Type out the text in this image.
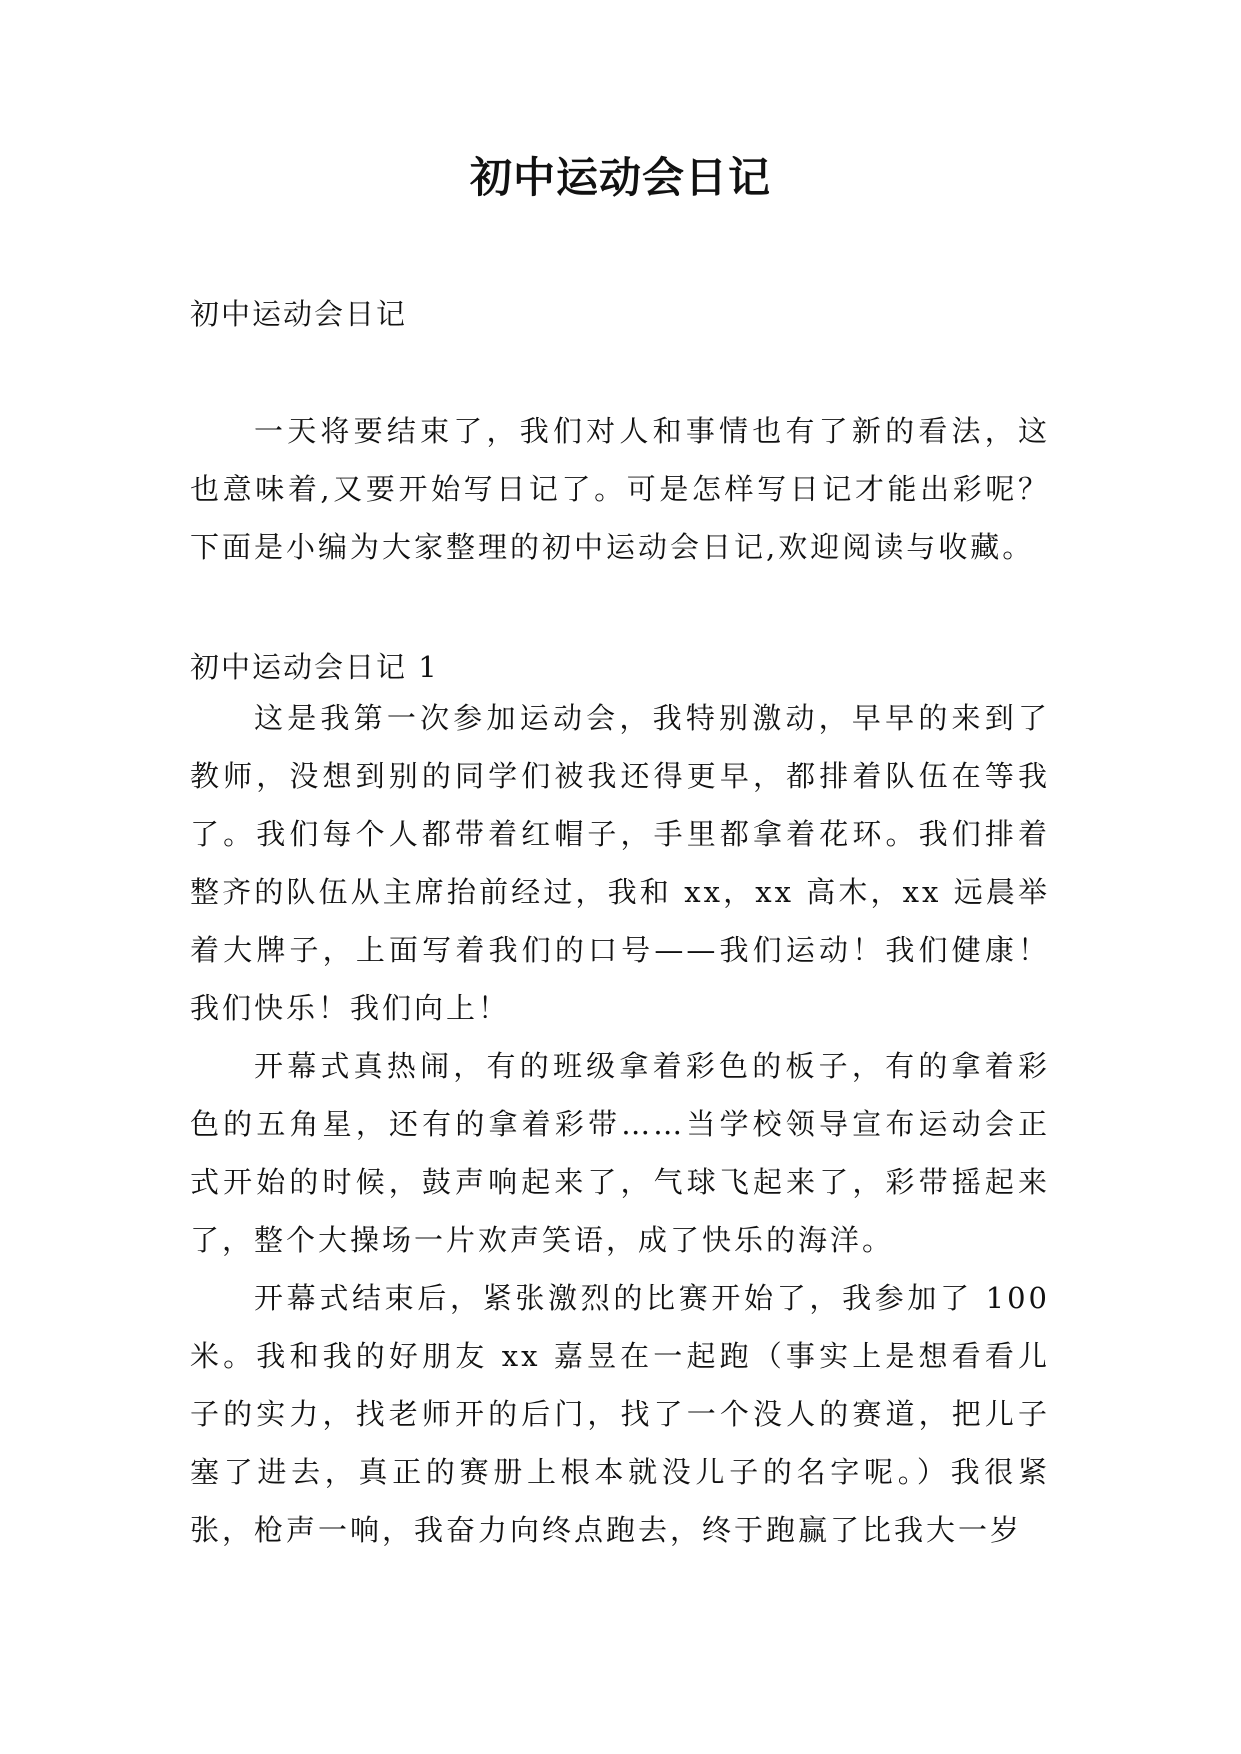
初中运动会日记
初中运动会日记

一天将要结束了，我们对人和事情也有了新的看法，这也意味着,又要开始写日记了。可是怎样写日记才能出彩呢？下面是小编为大家整理的初中运动会日记,欢迎阅读与收藏。

初中运动会日记 1

这是我第一次参加运动会，我特别激动，早早的来到了教师，没想到别的同学们被我还得更早，都排着队伍在等我了。我们每个人都带着红帽子，手里都拿着花环。我们排着整齐的队伍从主席抬前经过，我和 xx，xx 高木，xx 远晨举着大牌子，上面写着我们的口号——我们运动！我们健康！我们快乐！我们向上！

开幕式真热闹，有的班级拿着彩色的板子，有的拿着彩色的五角星，还有的拿着彩带……当学校领导宣布运动会正式开始的时候，鼓声响起来了，气球飞起来了，彩带摇起来了，整个大操场一片欢声笑语，成了快乐的海洋。

开幕式结束后，紧张激烈的比赛开始了，我参加了 100 米。我和我的好朋友 xx 嘉昱在一起跑（事实上是想看看儿子的实力，找老师开的后门，找了一个没人的赛道，把儿子塞了进去，真正的赛册上根本就没儿子的名字呢。）我很紧张，枪声一响，我奋力向终点跑去，终于跑赢了比我大一岁
